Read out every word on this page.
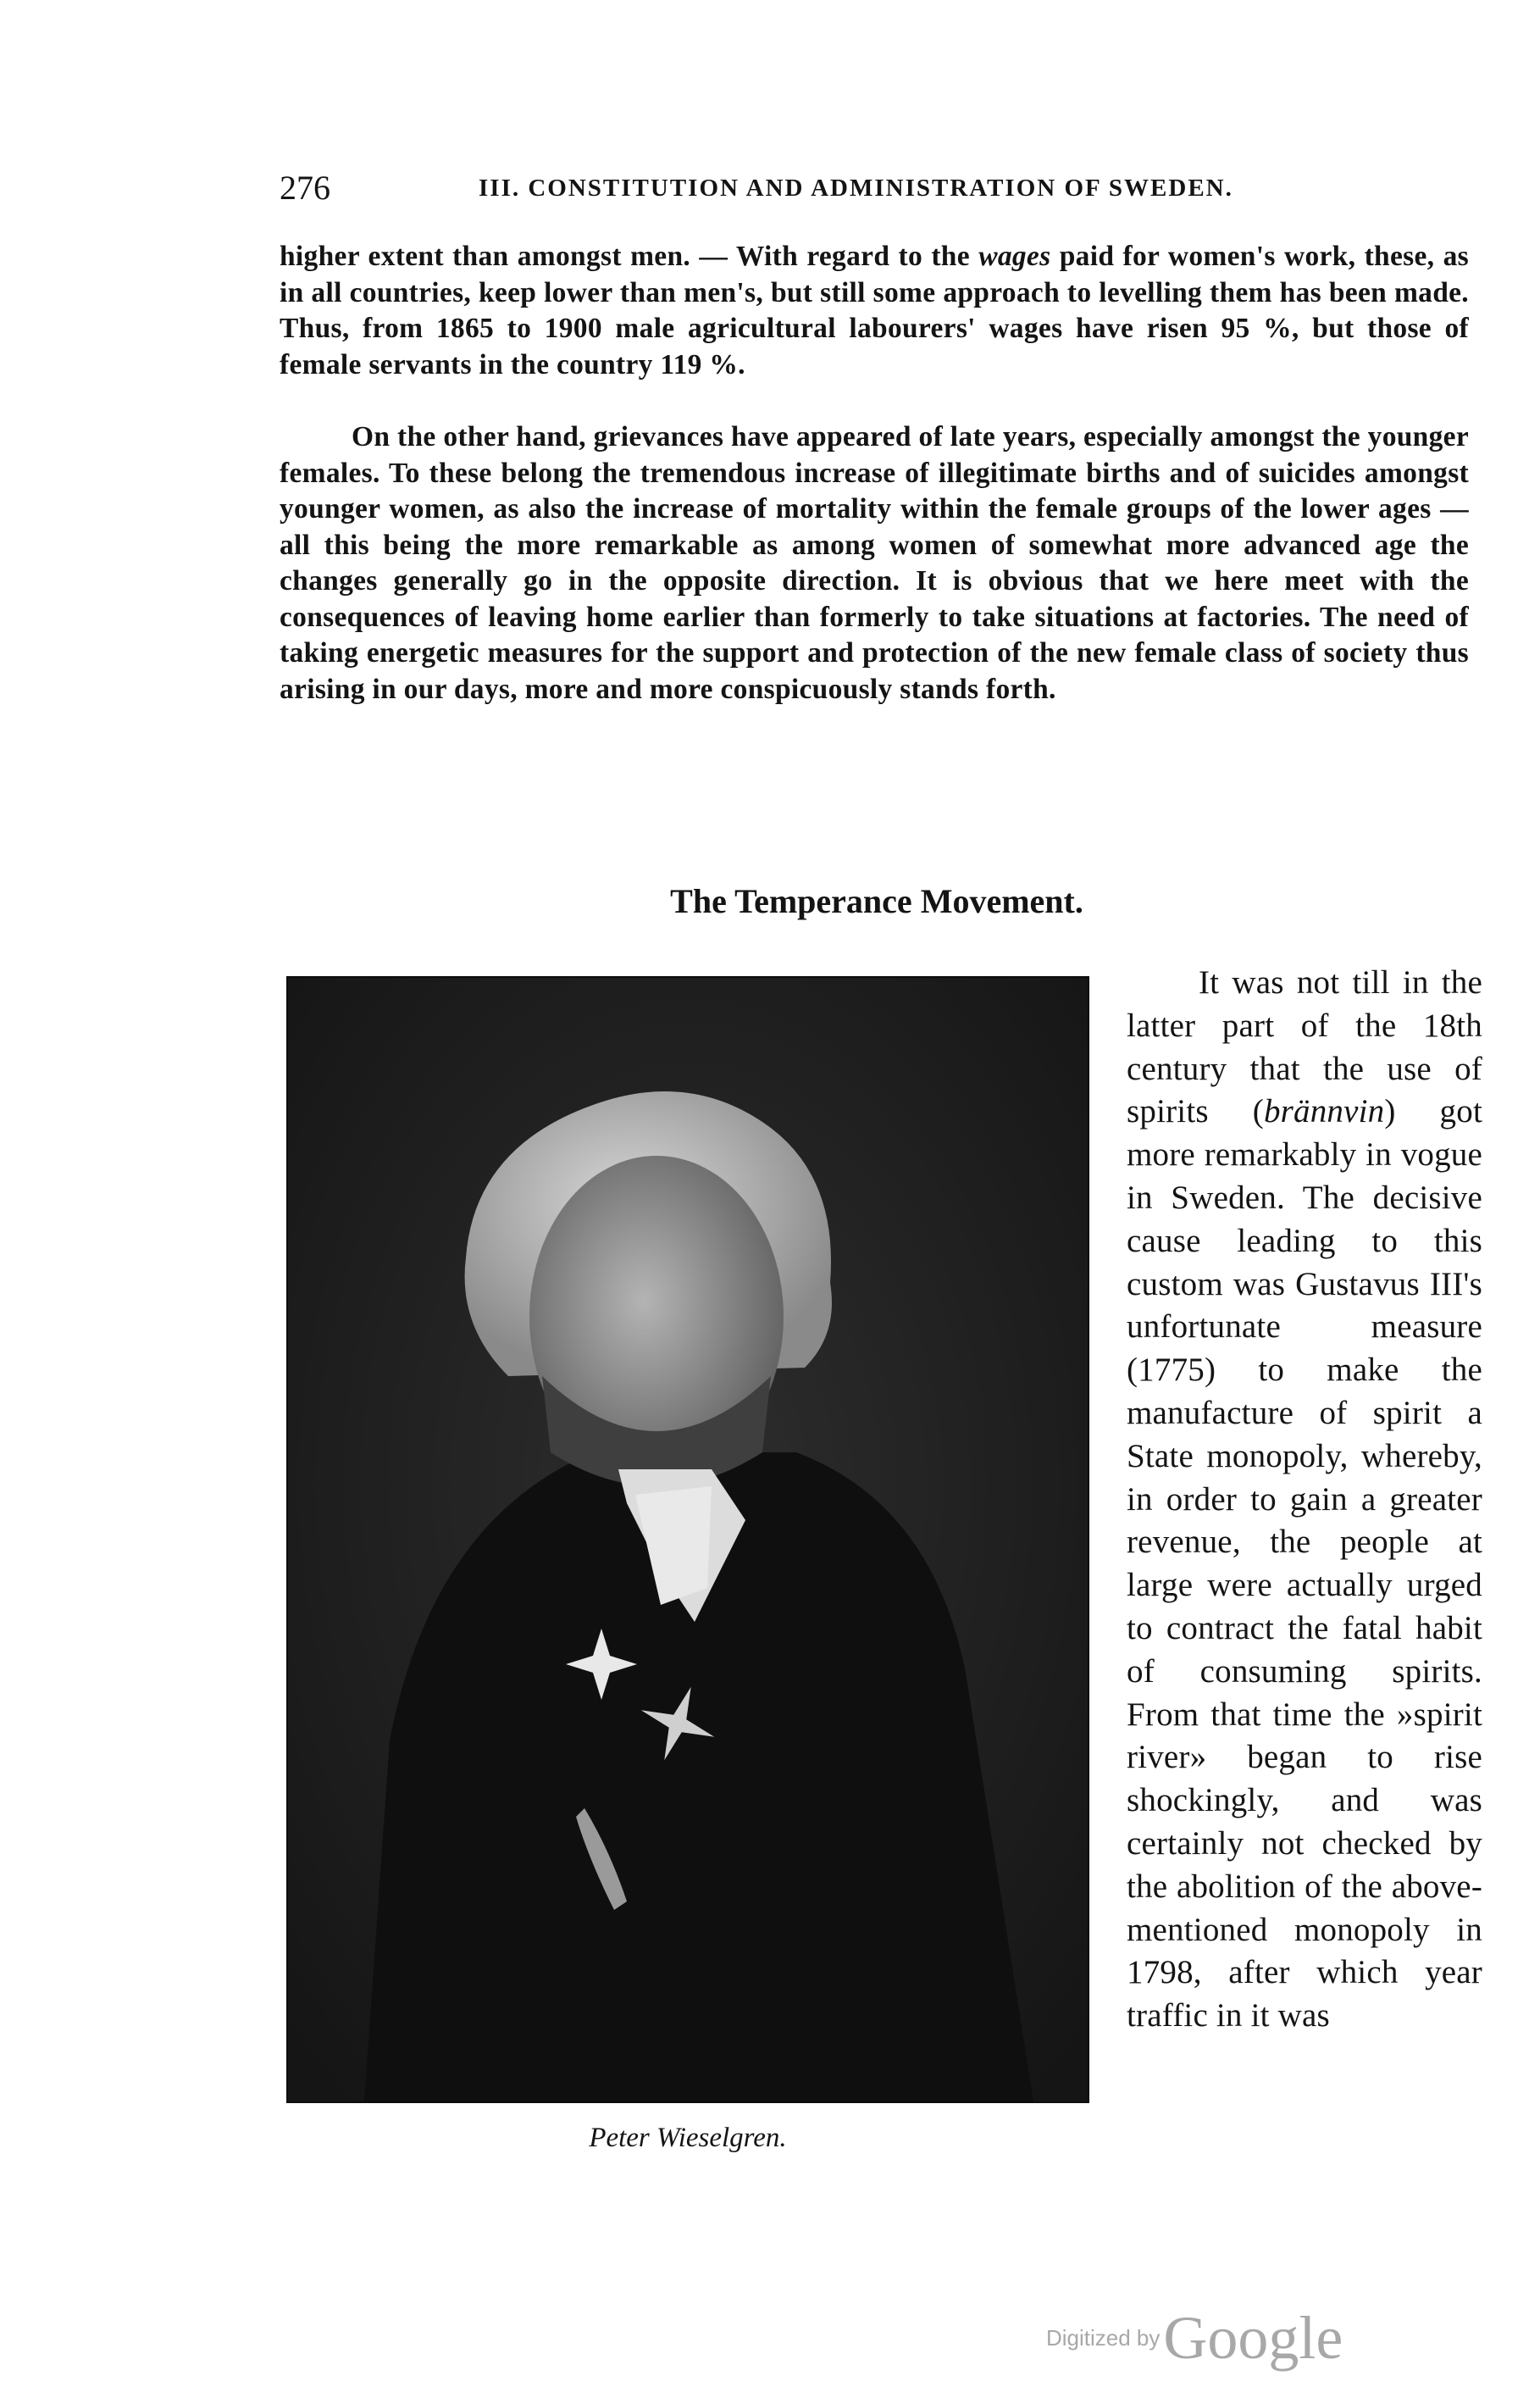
276	III. CONSTITUTION AND ADMINISTRATION OF SWEDEN.
higher extent than amongst men. — With regard to the wages paid for women's work, these, as in all countries, keep lower than men's, but still some approach to levelling them has been made. Thus, from 1865 to 1900 male agricultural labourers' wages have risen 95 %, but those of female servants in the country 119 %.
On the other hand, grievances have appeared of late years, especially amongst the younger females. To these belong the tremendous increase of illegitimate births and of suicides amongst younger women, as also the increase of mortality within the female groups of the lower ages — all this being the more remarkable as among women of somewhat more advanced age the changes generally go in the opposite direction. It is obvious that we here meet with the consequences of leaving home earlier than formerly to take situations at factories. The need of taking energetic measures for the support and protection of the new female class of society thus arising in our days, more and more conspicuously stands forth.
The Temperance Movement.
Peter Wieselgren.

It was not till in the latter part of the 18th century that the use of spirits (brännvin) got more remarkably in vogue in Sweden. The decisive cause leading to this custom was Gustavus III's unfortunate measure (1775) to make the manufacture of spirit a State monopoly, whereby, in order to gain a greater revenue, the people at large were actually urged to contract the fatal habit of consuming spirits. From that time the »spirit river» began to rise shockingly, and was certainly not checked by the abolition of the above-mentioned monopoly in 1798, after which year traffic in it was

Digitized by Google
